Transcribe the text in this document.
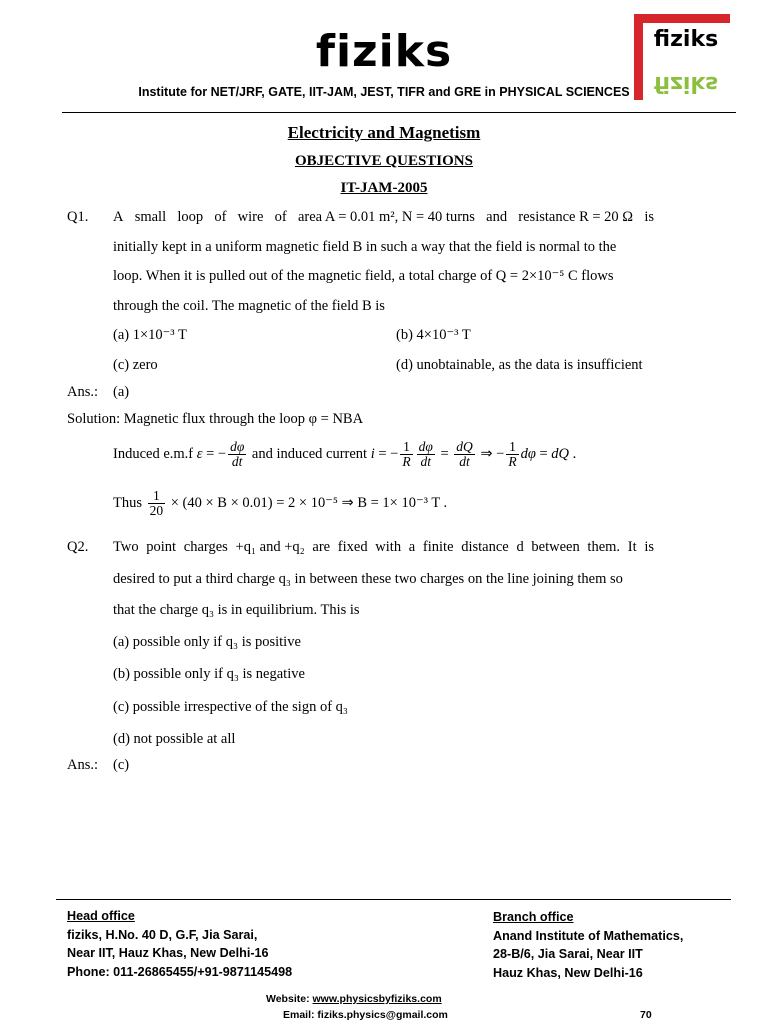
fiziks
Institute for NET/JRF, GATE, IIT-JAM, JEST, TIFR and GRE in PHYSICAL SCIENCES
fiziks
fiziks
Electricity and Magnetism
OBJECTIVE QUESTIONS
IT-JAM-2005
Q1. A small loop of wire of area A = 0.01 m², N = 40 turns and resistance R = 20 Ω is
initially kept in a uniform magnetic field B in such a way that the field is normal to the
loop. When it is pulled out of the magnetic field, a total charge of Q = 2×10⁻⁵ C flows
through the coil. The magnetic of the field B is
(a) 1×10⁻³ T	(b) 4×10⁻³ T
(c) zero	(d) unobtainable, as the data is insufficient
Ans.: (a)
Solution: Magnetic flux through the loop φ = NBA
Induced e.m.f ε = − $\frac{d\varphi}{dt}$ and induced current i = − $\frac{1}{R} \frac{d\varphi}{dt} = \frac{dQ}{dt}$ ⇒ − $\frac{1}{R}$ dφ = dQ .
Thus $\frac{1}{20} \times (40 \times B \times 0.01) = 2 \times 10^{-5}$ ⇒ B = 1× 10⁻³ T .
Q2. Two point charges +q₁ and +q₂ are fixed with a finite distance d between them. It is
desired to put a third charge q₃ in between these two charges on the line joining them so
that the charge q₃ is in equilibrium. This is
(a) possible only if q₃ is positive
(b) possible only if q₃ is negative
(c) possible irrespective of the sign of q₃
(d) not possible at all
Ans.: (c)
Head office
fiziks, H.No. 40 D, G.F, Jia Sarai,
Near IIT, Hauz Khas, New Delhi-16
Phone: 011-26865455/+91-9871145498
Branch office
Anand Institute of Mathematics,
28-B/6, Jia Sarai, Near IIT
Hauz Khas, New Delhi-16
Website: www.physicsbyfiziks.com
Email: fiziks.physics@gmail.com	70
